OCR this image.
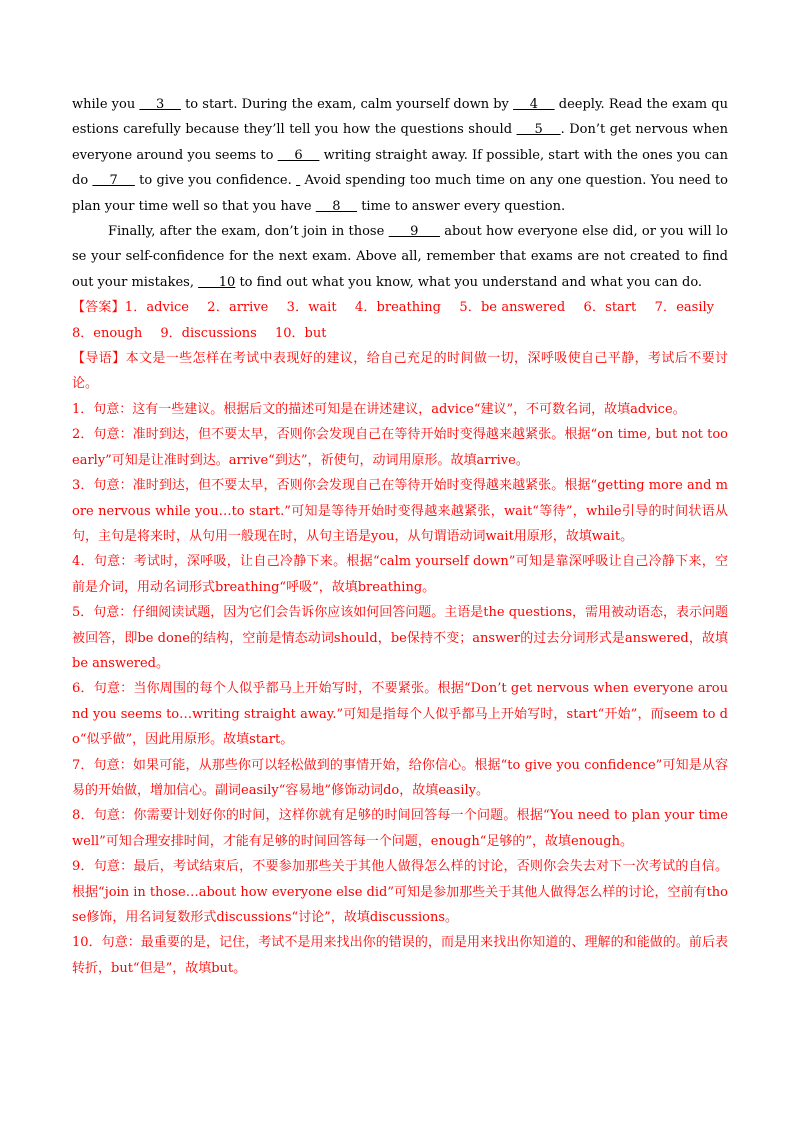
while you     3     to start. During the exam, calm yourself down by     4     deeply. Read the exam questions carefully because they’ll tell you how the questions should     5    . Don’t get nervous when everyone around you seems to     6     writing straight away. If possible, start with the ones you can do     7     to give you confidence.   Avoid spending too much time on any one question. You need to plan your time well so that you have     8     time to answer every question.

Finally, after the exam, don’t join in those      9      about how everyone else did, or you will lose your self-confidence for the next exam. Above all, remember that exams are not created to find out your mistakes,      10 to find out what you know, what you understand and what you can do.

【答案】1．advice 2．arrive 3．wait 4．breathing 5．be answered 6．start 7．easily 8．enough 9．discussions 10．but

【导语】本文是一些怎样在考试中表现好的建议，给自己充足的时间做一切，深呼吸使自己平静，考试后不要讨论。

1．句意：这有一些建议。根据后文的描述可知是在讲述建议，advice“建议”，不可数名词，故填advice。

2．句意：准时到达，但不要太早，否则你会发现自己在等待开始时变得越来越紧张。根据“on time, but not too early”可知是让准时到达。arrive“到达”，祈使句，动词用原形。故填arrive。

3．句意：准时到达，但不要太早，否则你会发现自己在等待开始时变得越来越紧张。根据“getting more and more nervous while you…to start.”可知是等待开始时变得越来越紧张，wait“等待”，while引导的时间状语从句，主句是将来时，从句用一般现在时，从句主语是you，从句谓语动词wait用原形，故填wait。

4．句意：考试时，深呼吸，让自己冷静下来。根据“calm yourself down”可知是靠深呼吸让自己冷静下来，空前是介词，用动名词形式breathing“呼吸”，故填breathing。

5．句意：仔细阅读试题，因为它们会告诉你应该如何回答问题。主语是the questions，需用被动语态，表示问题被回答，即be done的结构，空前是情态动词should，be保持不变；answer的过去分词形式是answered，故填be answered。

6．句意：当你周围的每个人似乎都马上开始写时，不要紧张。根据“Don’t get nervous when everyone around you seems to…writing straight away.”可知是指每个人似乎都马上开始写时，start“开始”，而seem to do“似乎做”，因此用原形。故填start。

7．句意：如果可能，从那些你可以轻松做到的事情开始，给你信心。根据“to give you confidence”可知是从容易的开始做，增加信心。副词easily“容易地”修饰动词do，故填easily。

8．句意：你需要计划好你的时间，这样你就有足够的时间回答每一个问题。根据“You need to plan your time well”可知合理安排时间，才能有足够的时间回答每一个问题，enough“足够的”，故填enough。

9．句意：最后，考试结束后，不要参加那些关于其他人做得怎么样的讨论，否则你会失去对下一次考试的自信。根据“join in those…about how everyone else did”可知是参加那些关于其他人做得怎么样的讨论，空前有those修饰，用名词复数形式discussions“讨论”，故填discussions。

10．句意：最重要的是，记住，考试不是用来找出你的错误的，而是用来找出你知道的、理解的和能做的。前后表转折，but“但是”，故填but。
